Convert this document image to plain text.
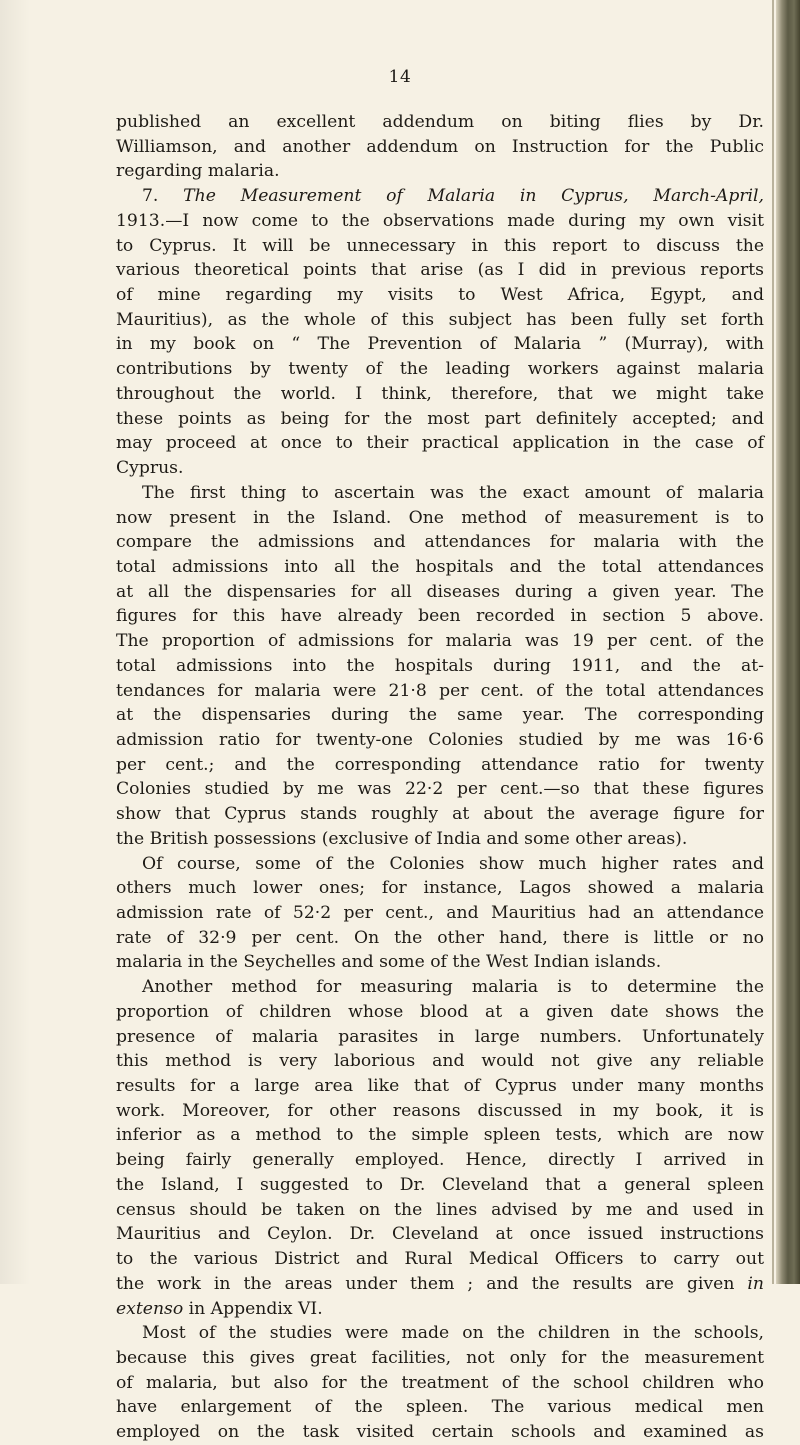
14
published an excellent addendum on biting flies by Dr.
Williamson, and another addendum on Instruction for the Public
regarding malaria.
7. The Measurement of Malaria in Cyprus, March-April,
1913.—I now come to the observations made during my own visit
to Cyprus. It will be unnecessary in this report to discuss the
various theoretical points that arise (as I did in previous reports
of mine regarding my visits to West Africa, Egypt, and
Mauritius), as the whole of this subject has been fully set forth
in my book on “ The Prevention of Malaria ” (Murray), with
contributions by twenty of the leading workers against malaria
throughout the world. I think, therefore, that we might take
these points as being for the most part definitely accepted; and
may proceed at once to their practical application in the case of
Cyprus.
The first thing to ascertain was the exact amount of malaria
now present in the Island. One method of measurement is to
compare the admissions and attendances for malaria with the
total admissions into all the hospitals and the total attendances
at all the dispensaries for all diseases during a given year. The
figures for this have already been recorded in section 5 above.
The proportion of admissions for malaria was 19 per cent. of the
total admissions into the hospitals during 1911, and the at-
tendances for malaria were 21·8 per cent. of the total attendances
at the dispensaries during the same year. The corresponding
admission ratio for twenty-one Colonies studied by me was 16·6
per cent.; and the corresponding attendance ratio for twenty
Colonies studied by me was 22·2 per cent.—so that these figures
show that Cyprus stands roughly at about the average figure for
the British possessions (exclusive of India and some other areas).
Of course, some of the Colonies show much higher rates and
others much lower ones; for instance, Lagos showed a malaria
admission rate of 52·2 per cent., and Mauritius had an attendance
rate of 32·9 per cent. On the other hand, there is little or no
malaria in the Seychelles and some of the West Indian islands.
Another method for measuring malaria is to determine the
proportion of children whose blood at a given date shows the
presence of malaria parasites in large numbers. Unfortunately
this method is very laborious and would not give any reliable
results for a large area like that of Cyprus under many months
work. Moreover, for other reasons discussed in my book, it is
inferior as a method to the simple spleen tests, which are now
being fairly generally employed. Hence, directly I arrived in
the Island, I suggested to Dr. Cleveland that a general spleen
census should be taken on the lines advised by me and used in
Mauritius and Ceylon. Dr. Cleveland at once issued instructions
to the various District and Rural Medical Officers to carry out
the work in the areas under them ; and the results are given in
extenso in Appendix VI.
Most of the studies were made on the children in the schools,
because this gives great facilities, not only for the measurement
of malaria, but also for the treatment of the school children who
have enlargement of the spleen. The various medical men
employed on the task visited certain schools and examined as
